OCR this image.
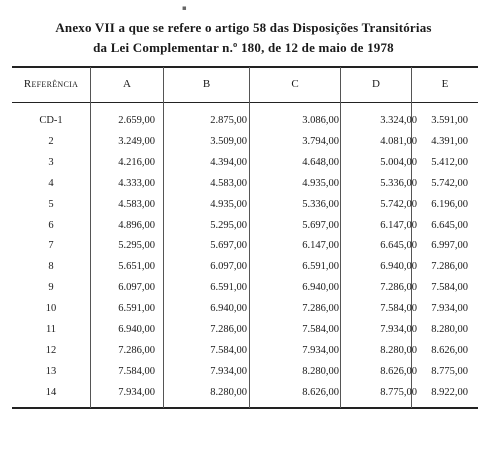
▪
Anexo VII a que se refere o artigo 58 das Disposições Transitórias
da Lei Complementar n.º 180, de 12 de maio de 1978
Referência	A	B	C	D	E
CD-1	2.659,00	2.875,00	3.086,00	3.324,00	3.591,00
2	3.249,00	3.509,00	3.794,00	4.081,00	4.391,00
3	4.216,00	4.394,00	4.648,00	5.004,00	5.412,00
4	4.333,00	4.583,00	4.935,00	5.336,00	5.742,00
5	4.583,00	4.935,00	5.336,00	5.742,00	6.196,00
6	4.896,00	5.295,00	5.697,00	6.147,00	6.645,00
7	5.295,00	5.697,00	6.147,00	6.645,00	6.997,00
8	5.651,00	6.097,00	6.591,00	6.940,00	7.286,00
9	6.097,00	6.591,00	6.940,00	7.286,00	7.584,00
10	6.591,00	6.940,00	7.286,00	7.584,00	7.934,00
11	6.940,00	7.286,00	7.584,00	7.934,00	8.280,00
12	7.286,00	7.584,00	7.934,00	8.280,00	8.626,00
13	7.584,00	7.934,00	8.280,00	8.626,00	8.775,00
14	7.934,00	8.280,00	8.626,00	8.775,00	8.922,00
